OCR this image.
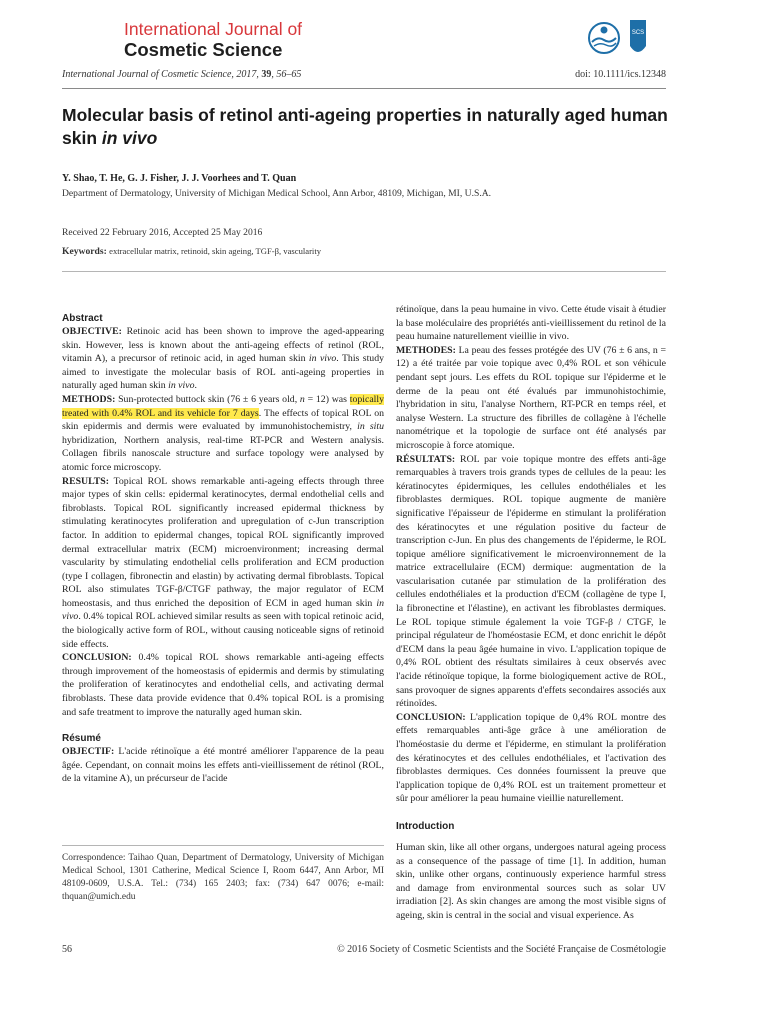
International Journal of
Cosmetic Science
SCS
International Journal of Cosmetic Science, 2017, 39, 56–65	doi: 10.1111/ics.12348
Molecular basis of retinol anti-ageing properties in naturally aged human skin in vivo
Y. Shao, T. He, G. J. Fisher, J. J. Voorhees and T. Quan
Department of Dermatology, University of Michigan Medical School, Ann Arbor, 48109, Michigan, MI, U.S.A.
Received 22 February 2016, Accepted 25 May 2016
Keywords: extracellular matrix, retinoid, skin ageing, TGF-β, vascularity
Abstract

OBJECTIVE: Retinoic acid has been shown to improve the aged-appearing skin. However, less is known about the anti-ageing effects of retinol (ROL, vitamin A), a precursor of retinoic acid, in aged human skin in vivo. This study aimed to investigate the molecular basis of ROL anti-ageing properties in naturally aged human skin in vivo.
METHODS: Sun-protected buttock skin (76 ± 6 years old, n = 12) was topically treated with 0.4% ROL and its vehicle for 7 days. The effects of topical ROL on skin epidermis and dermis were evaluated by immunohistochemistry, in situ hybridization, Northern analysis, real-time RT-PCR and Western analysis. Collagen fibrils nanoscale structure and surface topology were analysed by atomic force microscopy.
RESULTS: Topical ROL shows remarkable anti-ageing effects through three major types of skin cells: epidermal keratinocytes, dermal endothelial cells and fibroblasts. Topical ROL significantly increased epidermal thickness by stimulating keratinocytes proliferation and upregulation of c-Jun transcription factor. In addition to epidermal changes, topical ROL significantly improved dermal extracellular matrix (ECM) microenvironment; increasing dermal vascularity by stimulating endothelial cells proliferation and ECM production (type I collagen, fibronectin and elastin) by activating dermal fibroblasts. Topical ROL also stimulates TGF-β/CTGF pathway, the major regulator of ECM homeostasis, and thus enriched the deposition of ECM in aged human skin in vivo. 0.4% topical ROL achieved similar results as seen with topical retinoic acid, the biologically active form of ROL, without causing noticeable signs of retinoid side effects.
CONCLUSION: 0.4% topical ROL shows remarkable anti-ageing effects through improvement of the homeostasis of epidermis and dermis by stimulating the proliferation of keratinocytes and endothelial cells, and activating dermal fibroblasts. These data provide evidence that 0.4% topical ROL is a promising and safe treatment to improve the naturally aged human skin.

Résumé

OBJECTIF: L'acide rétinoïque a été montré améliorer l'apparence de la peau âgée. Cependant, on connait moins les effets anti-vieillissement de rétinol (ROL, de la vitamine A), un précurseur de l'acide

Correspondence: Taihao Quan, Department of Dermatology, University of Michigan Medical School, 1301 Catherine, Medical Science I, Room 6447, Ann Arbor, MI 48109-0609, U.S.A. Tel.: (734) 165 2403; fax: (734) 647 0076; e-mail: thquan@umich.edu

rétinoïque, dans la peau humaine in vivo. Cette étude visait à étudier la base moléculaire des propriétés anti-vieillissement du retinol de la peau humaine naturellement vieillie in vivo.
METHODES: La peau des fesses protégée des UV (76 ± 6 ans, n = 12) a été traitée par voie topique avec 0,4% ROL et son véhicule pendant sept jours. Les effets du ROL topique sur l'épiderme et le derme de la peau ont été évalués par immunohistochimie, l'hybridation in situ, l'analyse Northern, RT-PCR en temps réel, et analyse Western. La structure des fibrilles de collagène à l'échelle nanométrique et la topologie de surface ont été analysés par microscopie à force atomique.
RÉSULTATS: ROL par voie topique montre des effets anti-âge remarquables à travers trois grands types de cellules de la peau: les kératinocytes épidermiques, les cellules endothéliales et les fibroblastes dermiques. ROL topique augmente de manière significative l'épaisseur de l'épiderme en stimulant la prolifération des kératinocytes et une régulation positive du facteur de transcription c-Jun. En plus des changements de l'épiderme, le ROL topique améliore significativement le microenvironnement de la matrice extracellulaire (ECM) dermique: augmentation de la vascularisation cutanée par stimulation de la prolifération des cellules endothéliales et la production d'ECM (collagène de type I, la fibronectine et l'élastine), en activant les fibroblastes dermiques. Le ROL topique stimule également la voie TGF-β / CTGF, le principal régulateur de l'homéostasie ECM, et donc enrichit le dépôt d'ECM dans la peau âgée humaine in vivo. L'application topique de 0,4% ROL obtient des résultats similaires à ceux observés avec l'acide rétinoïque topique, la forme biologiquement active de ROL, sans provoquer de signes apparents d'effets secondaires associés aux rétinoïdes.
CONCLUSION: L'application topique de 0,4% ROL montre des effets remarquables anti-âge grâce à une amélioration de l'homéostasie du derme et l'épiderme, en stimulant la prolifération des kératinocytes et des cellules endothéliales, et l'activation des fibroblastes dermiques. Ces données fournissent la preuve que l'application topique de 0,4% ROL est un traitement prometteur et sûr pour améliorer la peau humaine vieillie naturellement.

Introduction

Human skin, like all other organs, undergoes natural ageing process as a consequence of the passage of time [1]. In addition, human skin, unlike other organs, continuously experience harmful stress and damage from environmental sources such as solar UV irradiation [2]. As skin changes are among the most visible signs of ageing, skin is central in the social and visual experience. As

56	© 2016 Society of Cosmetic Scientists and the Société Française de Cosmétologie
